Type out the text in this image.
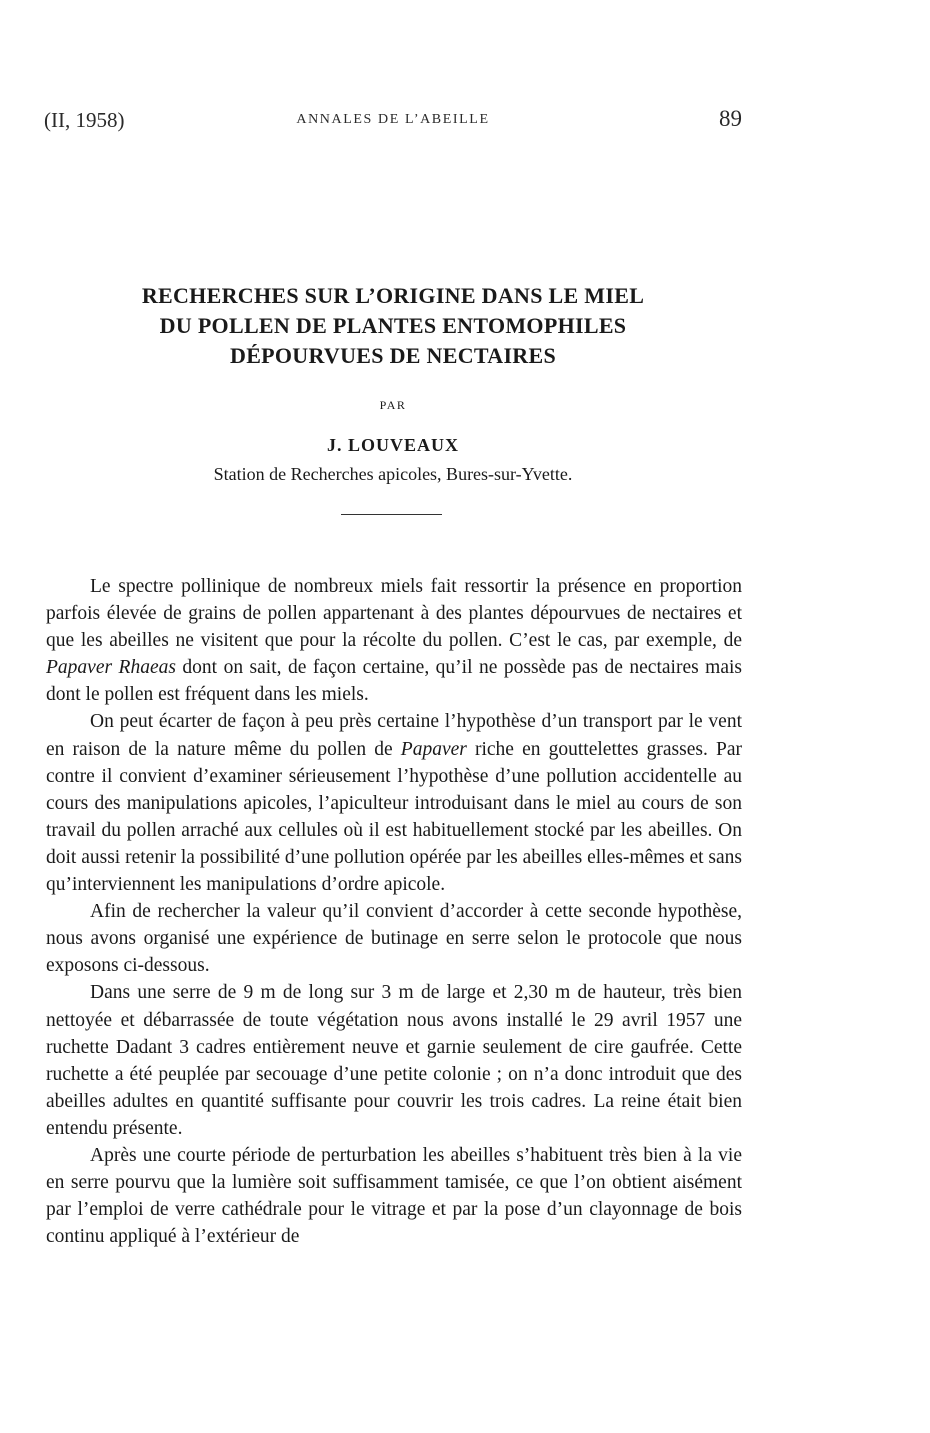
(II, 1958)	ANNALES DE L’ABEILLE	89
RECHERCHES SUR L’ORIGINE DANS LE MIEL
DU POLLEN DE PLANTES ENTOMOPHILES
DÉPOURVUES DE NECTAIRES
PAR
J. LOUVEAUX
Station de Recherches apicoles, Bures-sur-Yvette.

Le spectre pollinique de nombreux miels fait ressortir la présence en proportion parfois élevée de grains de pollen appartenant à des plantes dépourvues de nectaires et que les abeilles ne visitent que pour la récolte du pollen. C’est le cas, par exemple, de Papaver Rhaeas dont on sait, de façon certaine, qu’il ne possède pas de nectaires mais dont le pollen est fréquent dans les miels.

On peut écarter de façon à peu près certaine l’hypothèse d’un transport par le vent en raison de la nature même du pollen de Papaver riche en gouttelettes grasses. Par contre il convient d’examiner sérieusement l’hypothèse d’une pollution accidentelle au cours des manipulations apicoles, l’apiculteur introduisant dans le miel au cours de son travail du pollen arraché aux cellules où il est habituellement stocké par les abeilles. On doit aussi retenir la possibilité d’une pollution opérée par les abeilles elles-mêmes et sans qu’interviennent les manipulations d’ordre apicole.

Afin de rechercher la valeur qu’il convient d’accorder à cette seconde hypothèse, nous avons organisé une expérience de butinage en serre selon le protocole que nous exposons ci-dessous.

Dans une serre de 9 m de long sur 3 m de large et 2,30 m de hauteur, très bien nettoyée et débarrassée de toute végétation nous avons installé le 29 avril 1957 une ruchette Dadant 3 cadres entièrement neuve et garnie seulement de cire gaufrée. Cette ruchette a été peuplée par secouage d’une petite colonie ; on n’a donc introduit que des abeilles adultes en quantité suffisante pour couvrir les trois cadres. La reine était bien entendu présente.

Après une courte période de perturbation les abeilles s’habituent très bien à la vie en serre pourvu que la lumière soit suffisamment tamisée, ce que l’on obtient aisément par l’emploi de verre cathédrale pour le vitrage et par la pose d’un clayonnage de bois continu appliqué à l’extérieur de
